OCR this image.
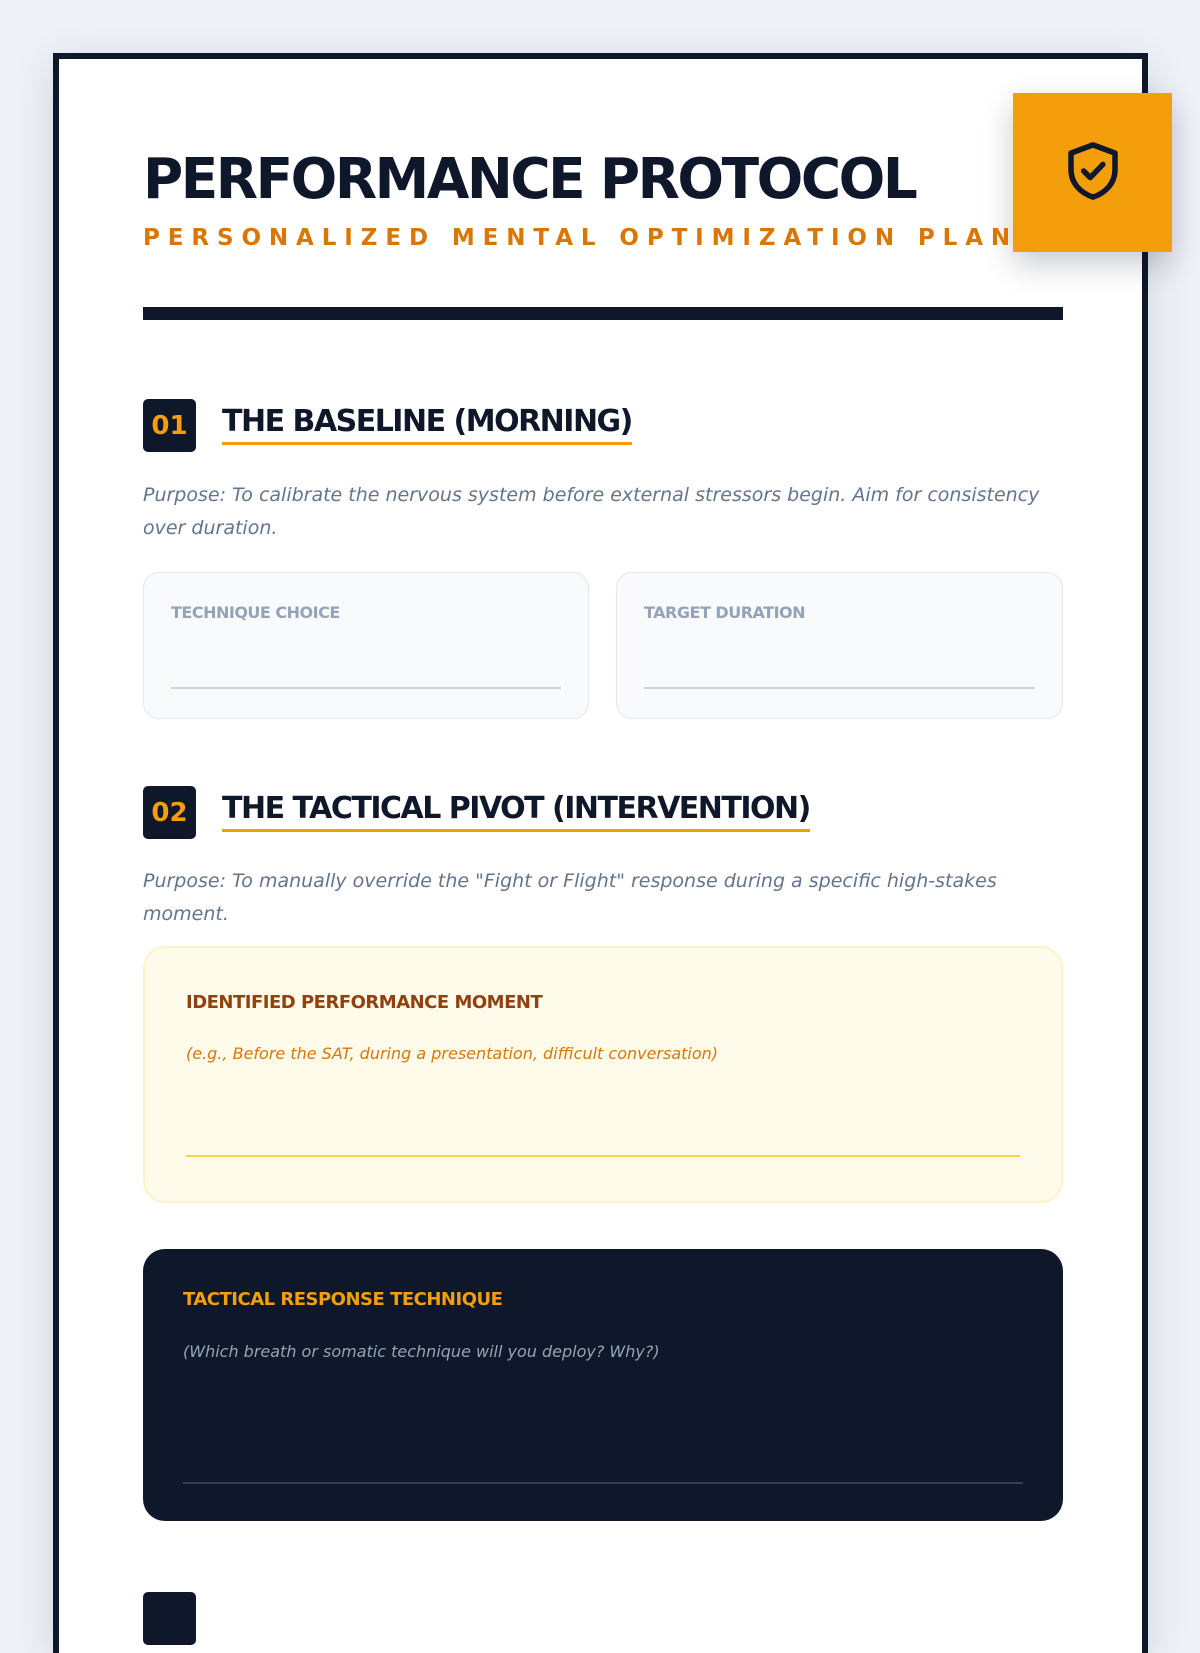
PERFORMANCE PROTOCOL
PERSONALIZED MENTAL OPTIMIZATION PLAN
01 THE BASELINE (MORNING)

Purpose: To calibrate the nervous system before external stressors begin. Aim for consistency over duration.

TECHNIQUE CHOICE	TARGET DURATION
02 THE TACTICAL PIVOT (INTERVENTION)

Purpose: To manually override the "Fight or Flight" response during a specific high-stakes moment.

IDENTIFIED PERFORMANCE MOMENT
(e.g., Before the SAT, during a presentation, difficult conversation)
TACTICAL RESPONSE TECHNIQUE
(Which breath or somatic technique will you deploy? Why?)
